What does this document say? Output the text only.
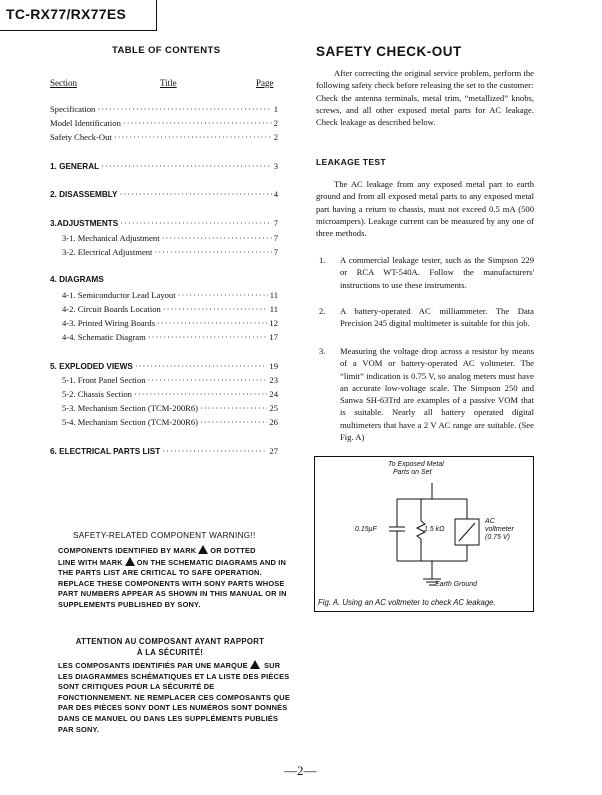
TC-RX77/RX77ES
TABLE OF CONTENTS
Section	Title	Page
Specification ·····	1
Model Identification ·····	2
Safety Check-Out ·····	2
1. GENERAL ·····	3
2. DISASSEMBLY ·····	4
3.ADJUSTMENTS ·····	7
3-1. Mechanical Adjustment ·····	7
3-2. Electrical Adjustment ·····	7
4. DIAGRAMS
4-1. Semiconductor Lead Layout ·····	11
4-2. Circuit Boards Location ·····	11
4-3. Printed Wiring Boards ·····	12
4-4. Schematic Diagram ·····	17
5. EXPLODED VIEWS ·····	19
5-1. Front Panel Section ·····	23
5-2. Chassis Section ·····	24
5-3. Mechanism Section (TCM-200R6) ·····	25
5-4. Mechanism Section (TCM-200R6) ·····	26
6. ELECTRICAL PARTS LIST ·····	27
SAFETY-RELATED COMPONENT WARNING!!
COMPONENTS IDENTIFIED BY MARK OR DOTTED
LINE WITH MARK ON THE SCHEMATIC DIAGRAMS AND IN THE PARTS LIST ARE CRITICAL TO SAFE OPERATION. REPLACE THESE COMPONENTS WITH SONY PARTS WHOSE PART NUMBERS APPEAR AS SHOWN IN THIS MANUAL OR IN SUPPLEMENTS PUBLISHED BY SONY.
ATTENTION AU COMPOSANT AYANT RAPPORT
À LA SÉCURITÉ!
LES COMPOSANTS IDENTIFIÉS PAR UNE MARQUE SUR LES DIAGRAMMES SCHÉMATIQUES ET LA LISTE DES PIÈCES SONT CRITIQUES POUR LA SÉCURITÉ DE FONCTIONNEMENT. NE REMPLACER CES COMPOSANTS QUE PAR DES PIÈCES SONY DONT LES NUMÉROS SONT DONNÉS DANS CE MANUEL OU DANS LES SUPPLÉMENTS PUBLIÉS PAR SONY.
SAFETY CHECK-OUT
After correcting the original service problem, perform the following safety check before releasing the set to the customer:
Check the antenna terminals, metal trim, “metallized” knobs, screws, and all other exposed metal parts for AC leakage. Check leakage as described below.
LEAKAGE TEST
The AC leakage from any exposed metal part to earth ground and from all exposed metal parts to any exposed metal part having a return to chassis, must not exceed 0.5 mA (500 microampers). Leakage current can be measured by any one of three methods.
1. A commercial leakage tester, such as the Simpson 229 or RCA WT-540A. Follow the manufacturers' instructions to use these instruments.
2. A battery-operated AC milliammeter. The Data Precision 245 digital multimeter is suitable for this job.
3. Measuring the voltage drop across a resistor by means of a VOM or battery-operated AC voltmeter. The “limit” indication is 0.75 V, so analog meters must have an accurate low-voltage scale. The Simpson 250 and Sanwa SH-63Trd are examples of a passive VOM that is suitable. Nearly all battery operated digital multimeters that have a 2 V AC range are suitable. (See Fig. A)
To Exposed Metal
Parts on Set
0.15μF	1.5 kΩ
AC
voltmeter
(0.75 V)
Earth Ground
Fig. A. Using an AC voltmeter to check AC leakage.
—2—
